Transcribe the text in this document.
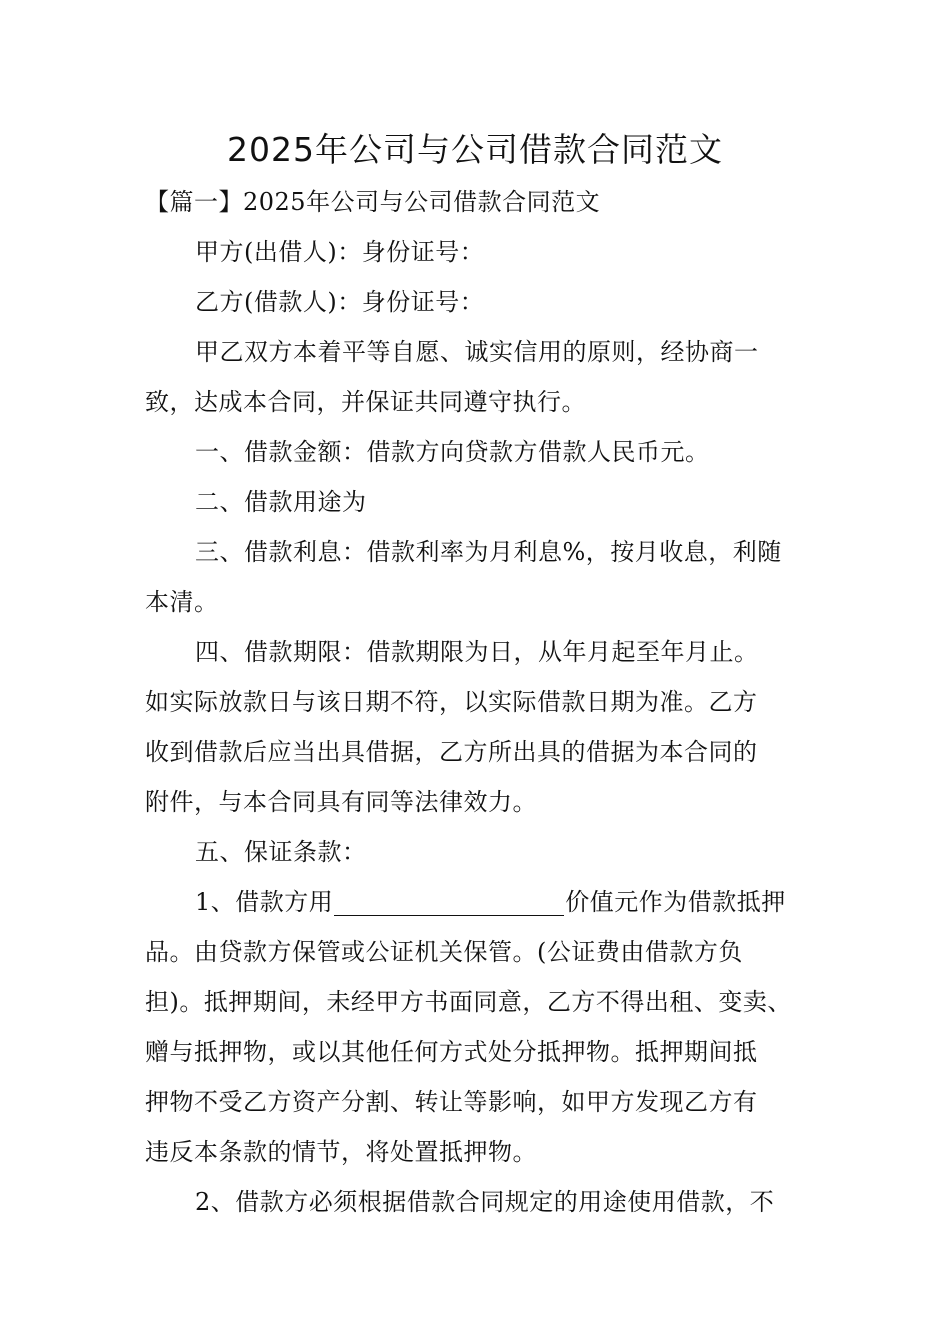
2025年公司与公司借款合同范文
【篇一】2025年公司与公司借款合同范文
甲方(出借人)：身份证号：
乙方(借款人)：身份证号：
甲乙双方本着平等自愿、诚实信用的原则，经协商一
致，达成本合同，并保证共同遵守执行。
一、借款金额：借款方向贷款方借款人民币元。
二、借款用途为
三、借款利息：借款利率为月利息%，按月收息，利随
本清。
四、借款期限：借款期限为日，从年月起至年月止。
如实际放款日与该日期不符，以实际借款日期为准。乙方
收到借款后应当出具借据，乙方所出具的借据为本合同的
附件，与本合同具有同等法律效力。
五、保证条款：
1、借款方用	价值元作为借款抵押
品。由贷款方保管或公证机关保管。(公证费由借款方负
担)。抵押期间，未经甲方书面同意，乙方不得出租、变卖、
赠与抵押物，或以其他任何方式处分抵押物。抵押期间抵
押物不受乙方资产分割、转让等影响，如甲方发现乙方有
违反本条款的情节，将处置抵押物。
2、借款方必须根据借款合同规定的用途使用借款，不
